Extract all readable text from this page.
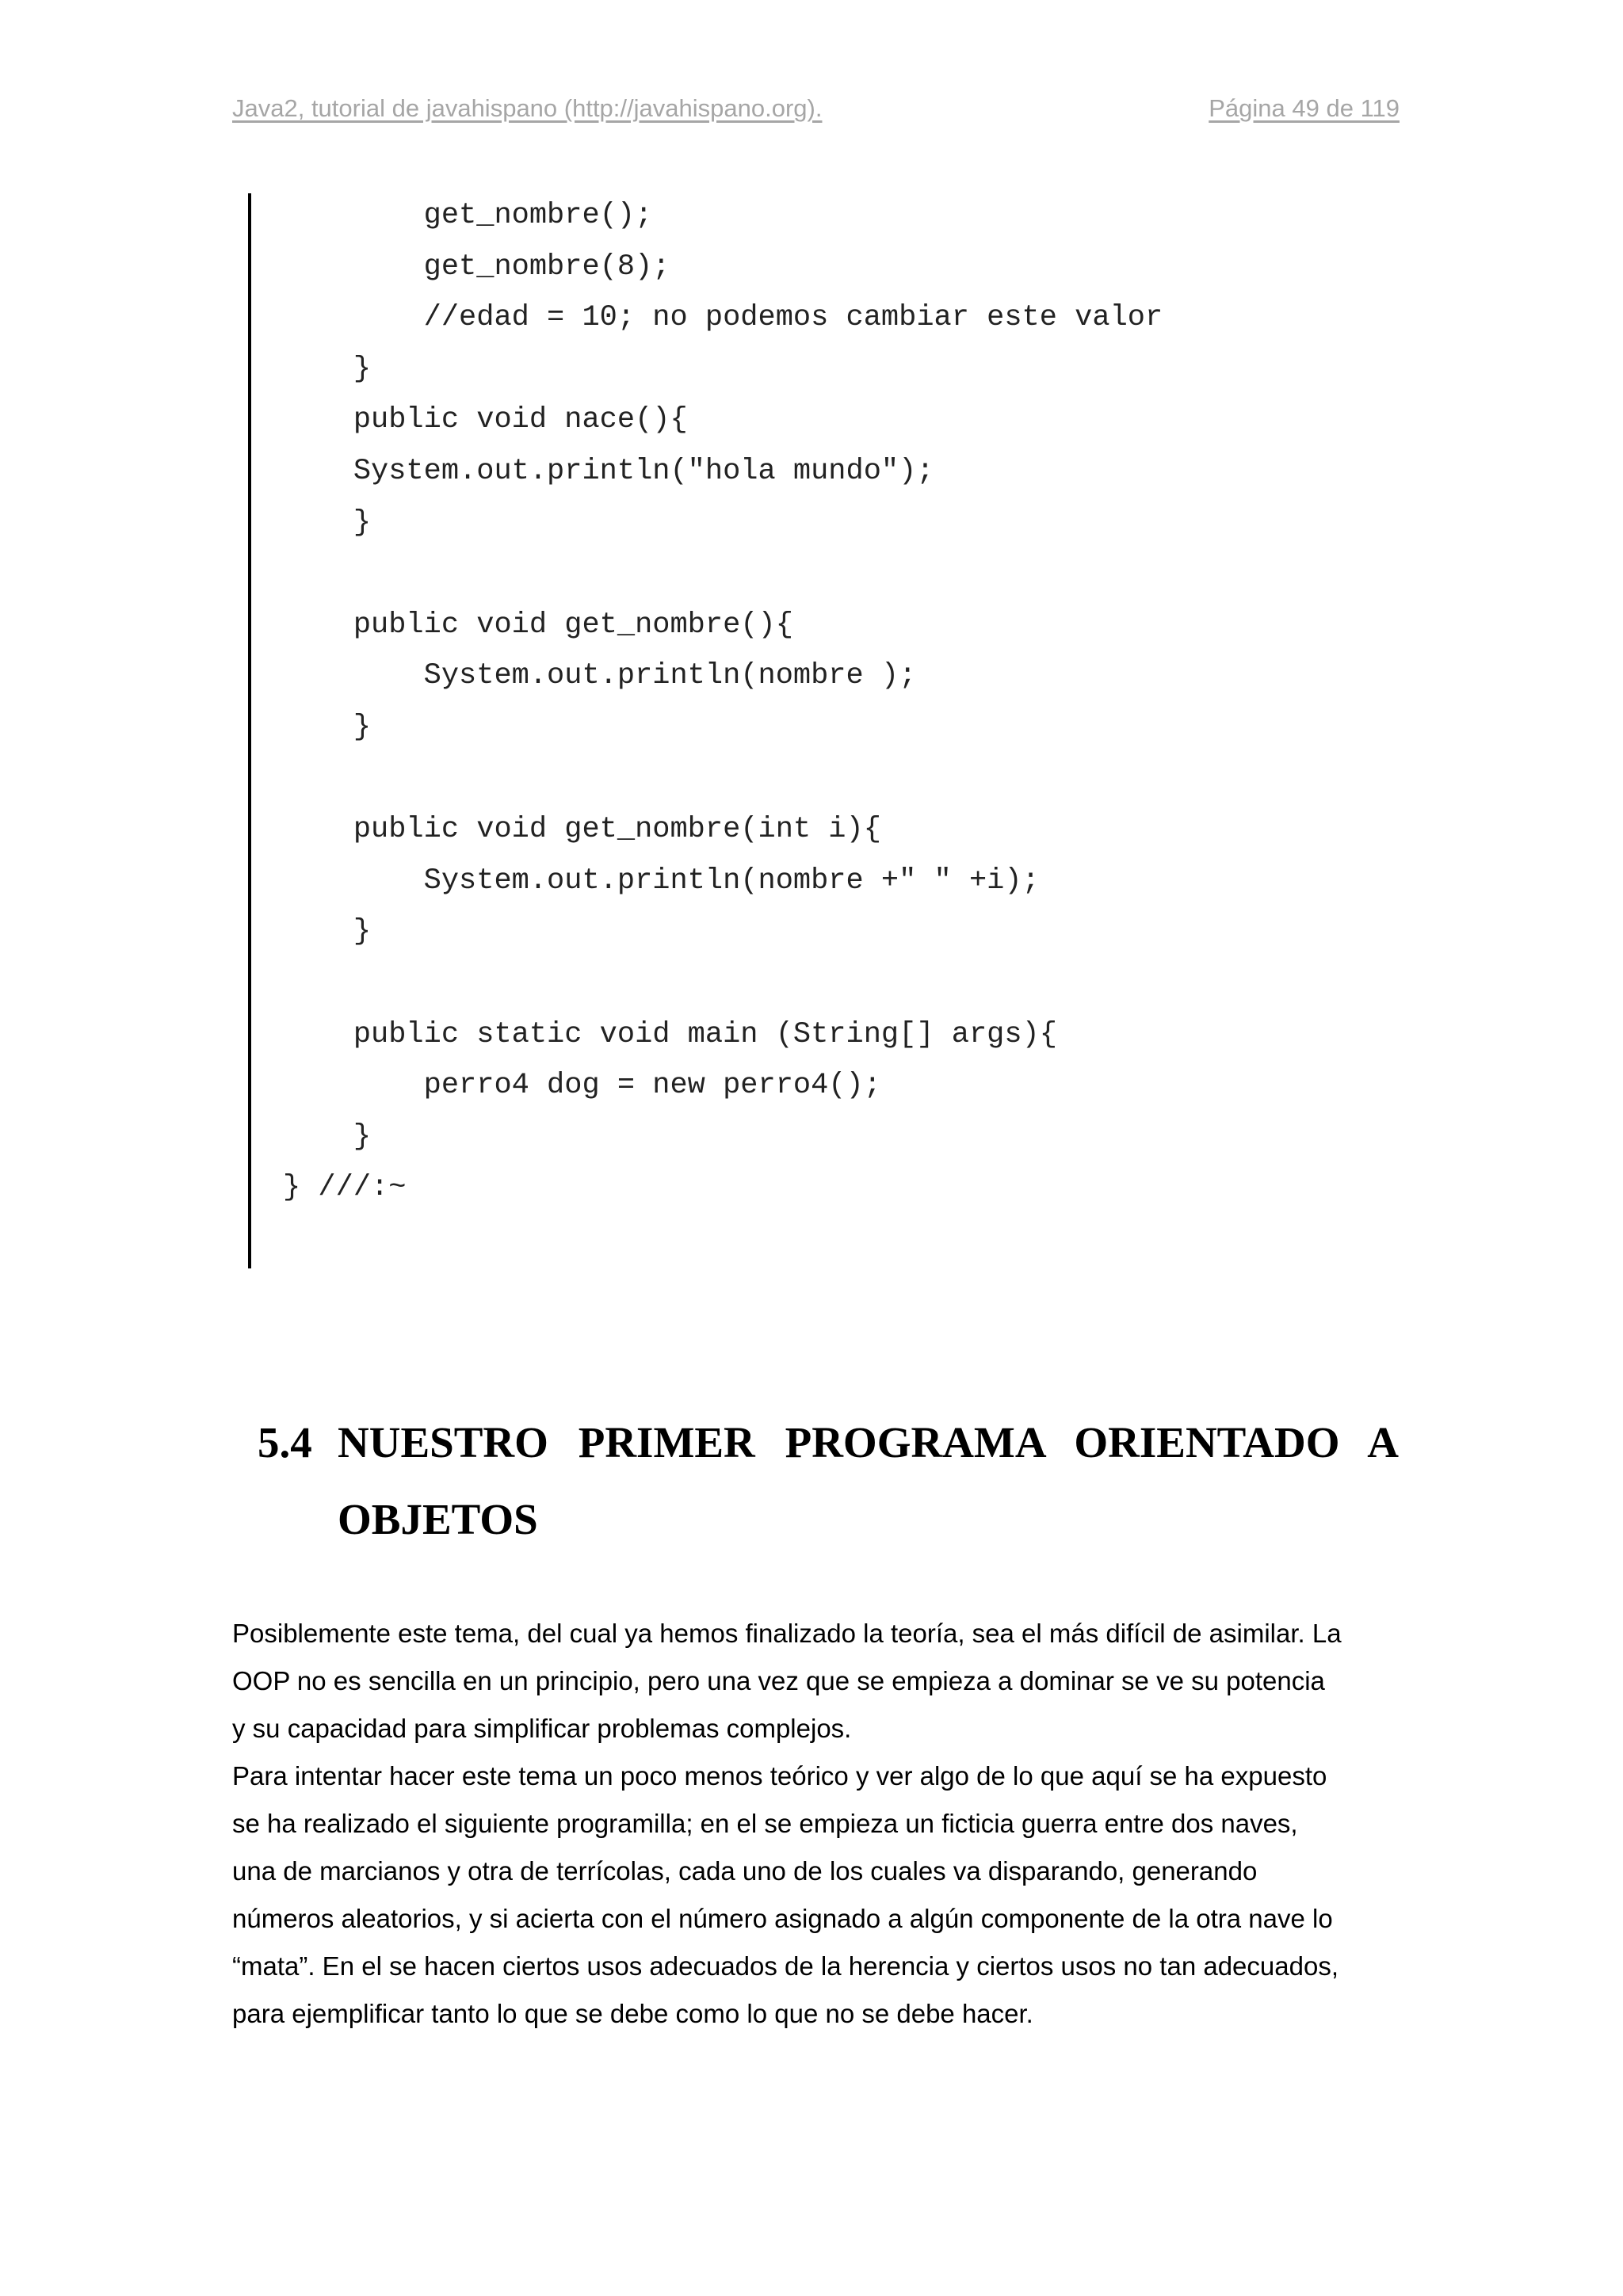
Java2, tutorial de javahispano (http://javahispano.org).	Página 49 de 119
get_nombre();
get_nombre(8);
//edad = 10; no podemos cambiar este valor
}
public void nace(){
System.out.println("hola mundo");
}
public void get_nombre(){
System.out.println(nombre );
}
public void get_nombre(int i){
System.out.println(nombre +" " +i);
}
public static void main (String[] args){
perro4 dog = new perro4();
}
} ///:~
5.4 NUESTRO PRIMER PROGRAMA ORIENTADO A
OBJETOS
Posiblemente este tema, del cual ya hemos finalizado la teoría, sea el más difícil de asimilar. La
OOP no es sencilla en un principio, pero una vez que se empieza a dominar se ve su potencia
y su capacidad para simplificar problemas complejos.
Para intentar hacer este tema un poco menos teórico y ver algo de lo que aquí se ha expuesto
se ha realizado el siguiente programilla; en el se empieza un ficticia guerra entre dos naves,
una de marcianos y otra de terrícolas, cada uno de los cuales va disparando, generando
números aleatorios, y si acierta con el número asignado a algún componente de la otra nave lo
“mata”. En el se hacen ciertos usos adecuados de la herencia y ciertos usos no tan adecuados,
para ejemplificar tanto lo que se debe como lo que no se debe hacer.
